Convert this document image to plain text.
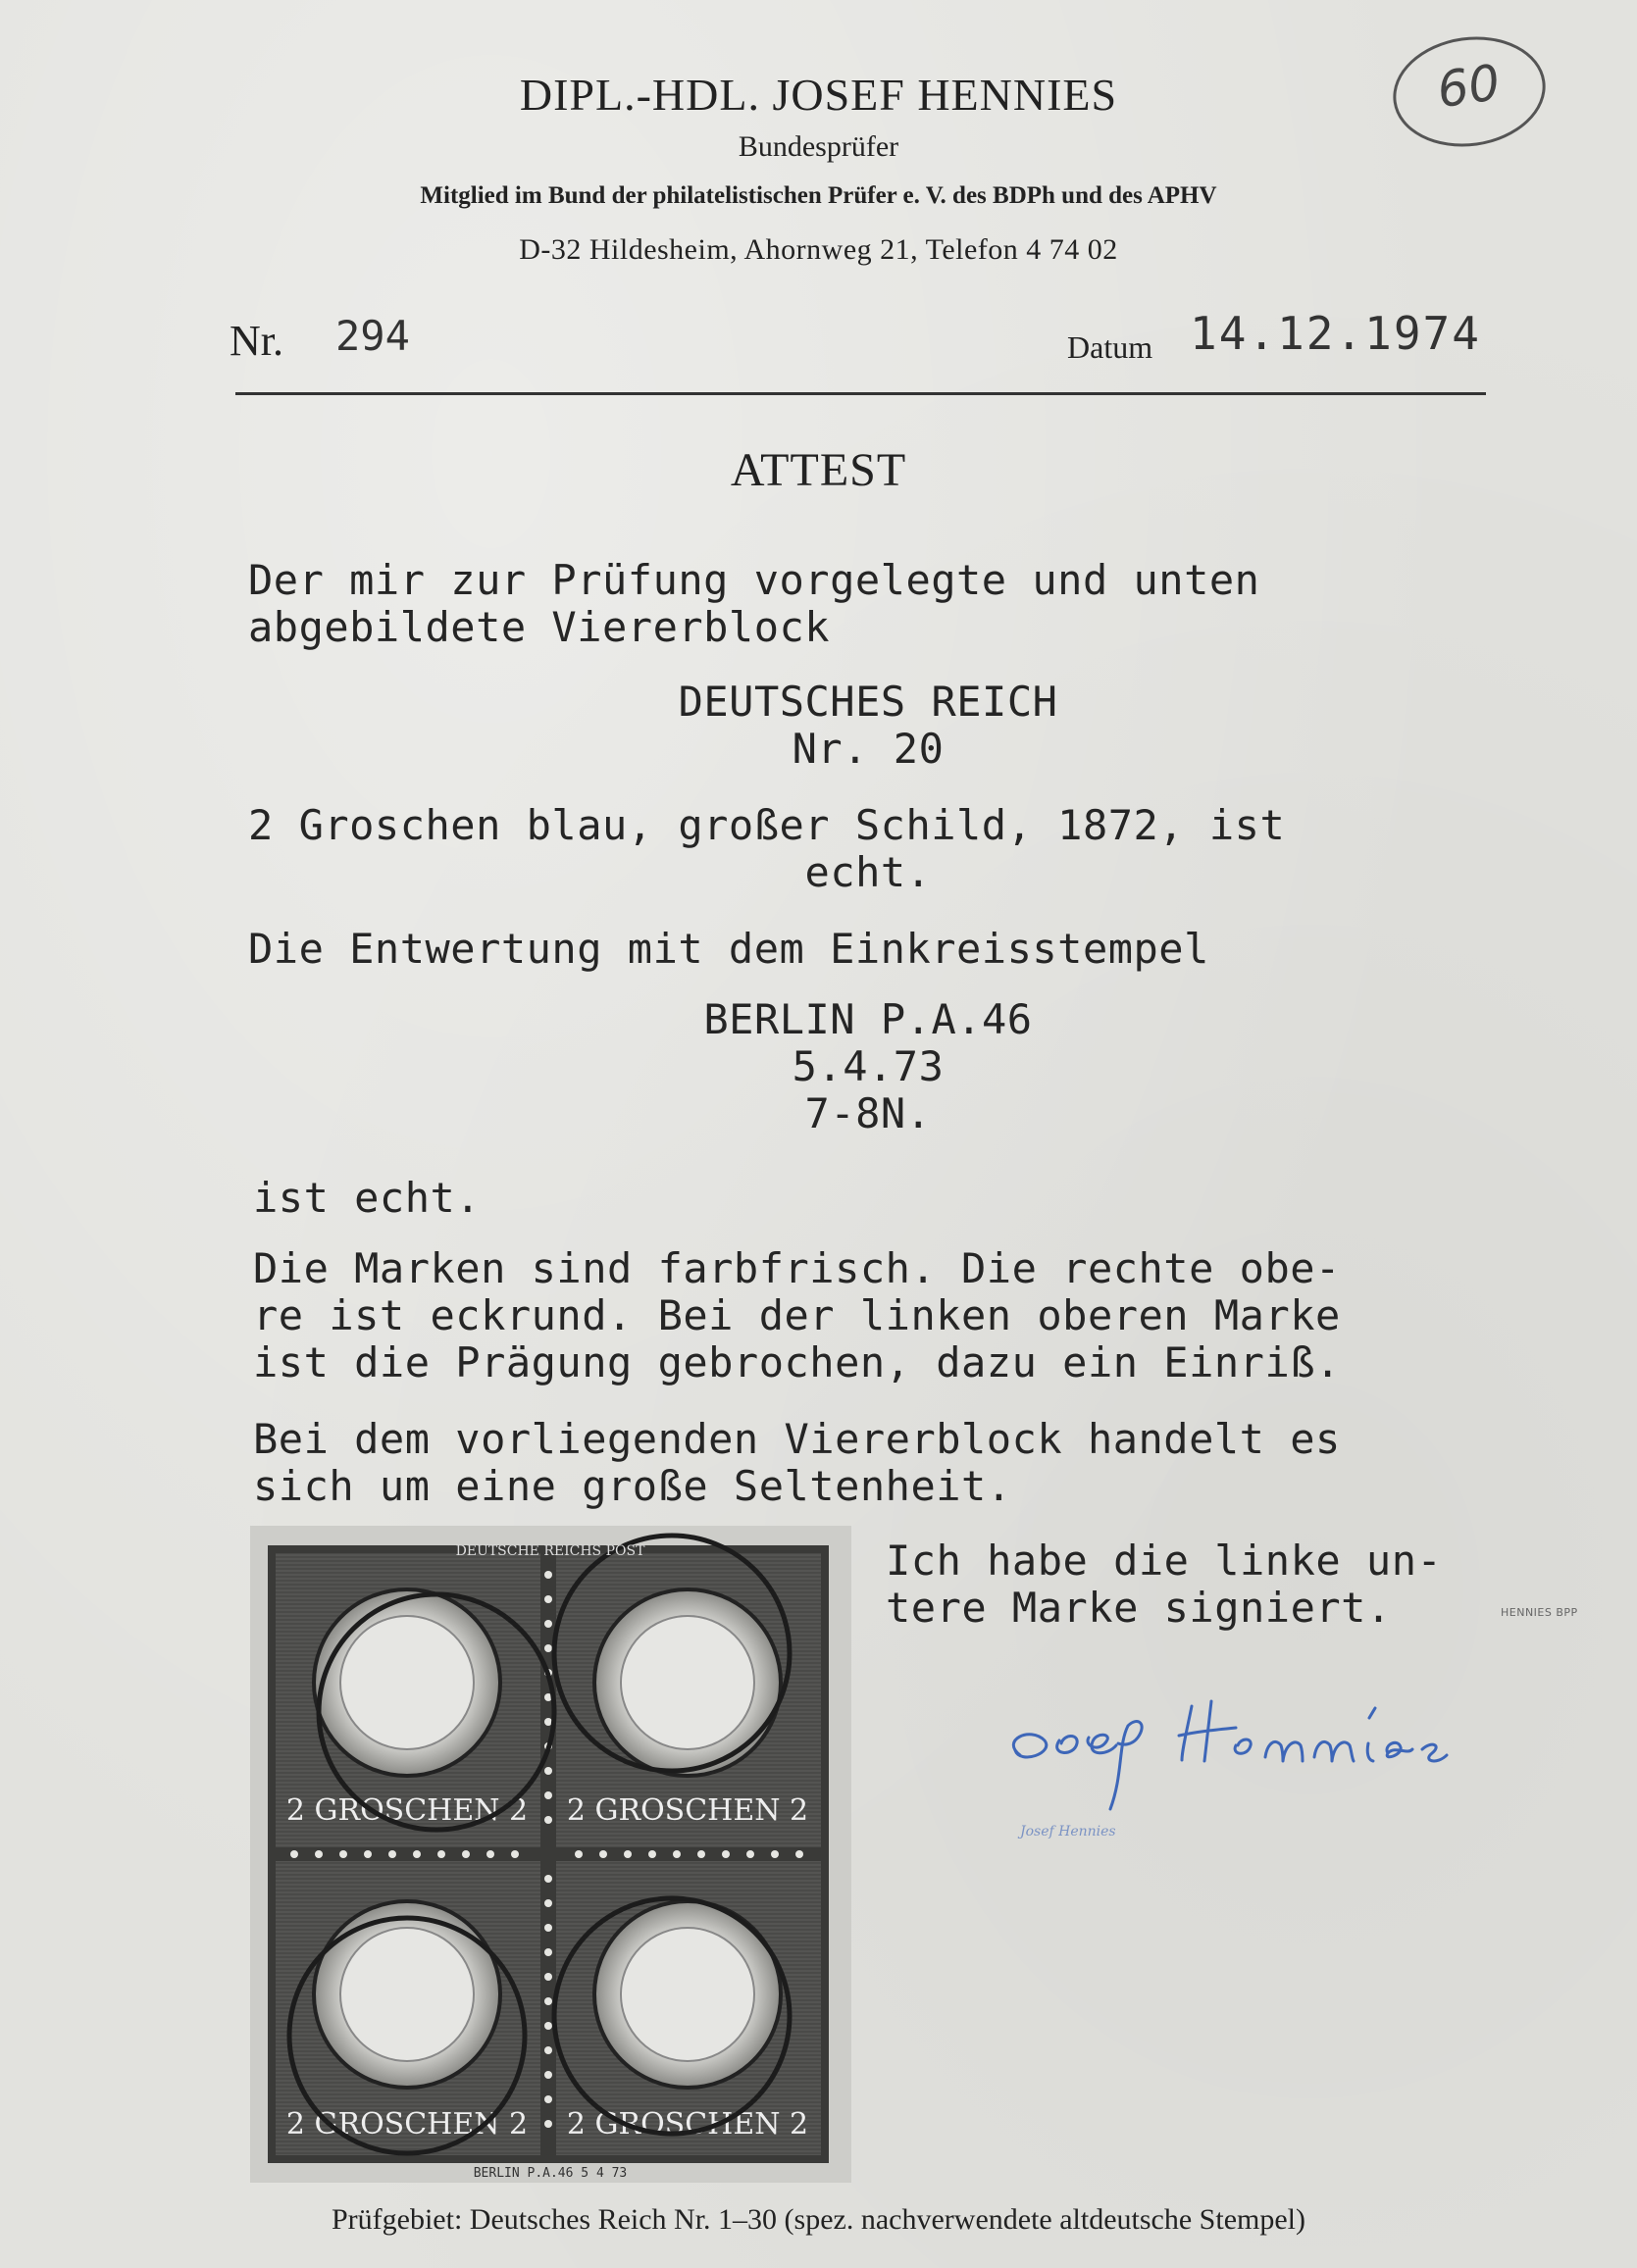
DIPL.-HDL. JOSEF HENNIES
Bundesprüfer
Mitglied im Bund der philatelistischen Prüfer e. V. des BDPh und des APHV
D-32 Hildesheim, Ahornweg 21, Telefon 4 74 02
60
Nr. 294	Datum 14.12.1974
ATTEST
Der mir zur Prüfung vorgelegte und unten
abgebildete Viererblock
DEUTSCHES REICH
Nr. 20
2 Groschen blau, großer Schild, 1872, ist
echt.
Die Entwertung mit dem Einkreisstempel
BERLIN P.A.46
5.4.73
7-8N.
ist echt.
Die Marken sind farbfrisch. Die rechte obe-
re ist eckrund. Bei der linken oberen Marke
ist die Prägung gebrochen, dazu ein Einriß.
Bei dem vorliegenden Viererblock handelt es
sich um eine große Seltenheit.
Ich habe die linke un-
tere Marke signiert.	HENNIES BPP
2 GROSCHEN 2 2 GROSCHEN 2
2 GROSCHEN 2 2 GROSCHEN 2
DEUTSCHE REICHS POST
BERLIN P.A.46 5 4 73
Prüfgebiet: Deutsches Reich Nr. 1–30 (spez. nachverwendete altdeutsche Stempel)
Josef Hennies
